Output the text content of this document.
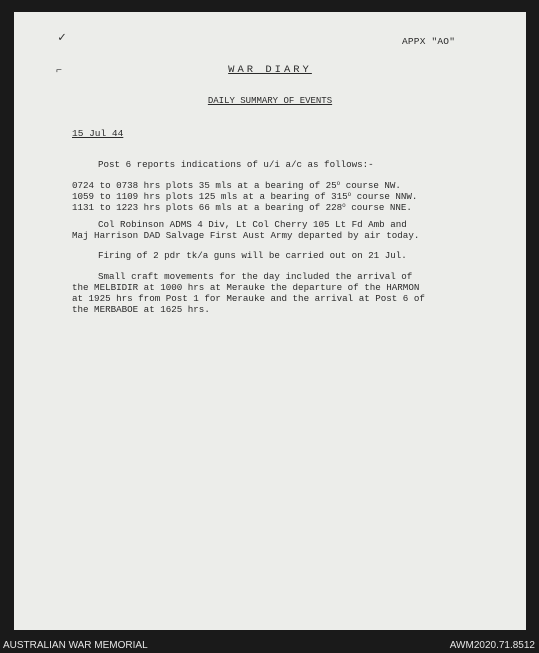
✓
⌐
APPX "AO"
WAR DIARY
DAILY SUMMARY OF EVENTS
15 Jul 44
Post 6 reports indications of u/i a/c as follows:-
0724 to 0738 hrs plots 35 mls at a bearing of 25$^o$ course NW.
1059 to 1109 hrs plots 125 mls at a bearing of 315$^o$ course NNW.
1131 to 1223 hrs plots 66 mls at a bearing of 228$^o$ course NNE.
Col Robinson ADMS 4 Div, Lt Col Cherry 105 Lt Fd Amb and
Maj Harrison DAD Salvage First Aust Army departed by air today.
Firing of 2 pdr tk/a guns will be carried out on 21 Jul.
Small craft movements for the day included the arrival of
the MELBIDIR at 1000 hrs at Merauke the departure of the HARMON
at 1925 hrs from Post 1 for Merauke and the arrival at Post 6 of
the MERBABOE at 1625 hrs.
AUSTRALIAN WAR MEMORIAL	AWM2020.71.8512
